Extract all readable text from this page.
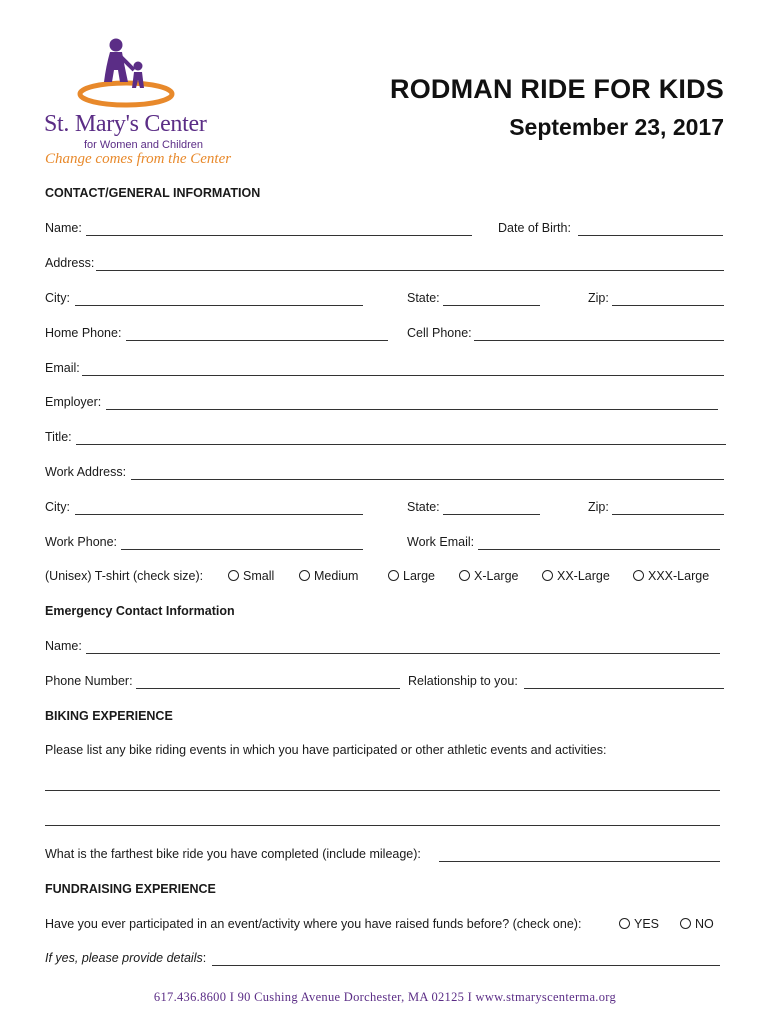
St. Mary's Center
for Women and Children
Change comes from the Center
RODMAN RIDE FOR KIDS
September 23, 2017
CONTACT/GENERAL INFORMATION
Name:	Date of Birth:
Address:
City:	State:	Zip:
Home Phone:	Cell Phone:
Email:
Employer:
Title:
Work Address:
City:	State:	Zip:
Work Phone:	Work Email:
(Unisex) T-shirt (check size):	Small	Medium	Large	X-Large	XX-Large	XXX-Large
Emergency Contact Information
Name:
Phone Number:	Relationship to you:
BIKING EXPERIENCE
Please list any bike riding events in which you have participated or other athletic events and activities:
What is the farthest bike ride you have completed (include mileage):
FUNDRAISING EXPERIENCE
Have you ever participated in an event/activity where you have raised funds before? (check one):	YES	NO
If yes, please provide details:
617.436.8600 I 90 Cushing Avenue Dorchester, MA 02125 I www.stmaryscenterma.org
